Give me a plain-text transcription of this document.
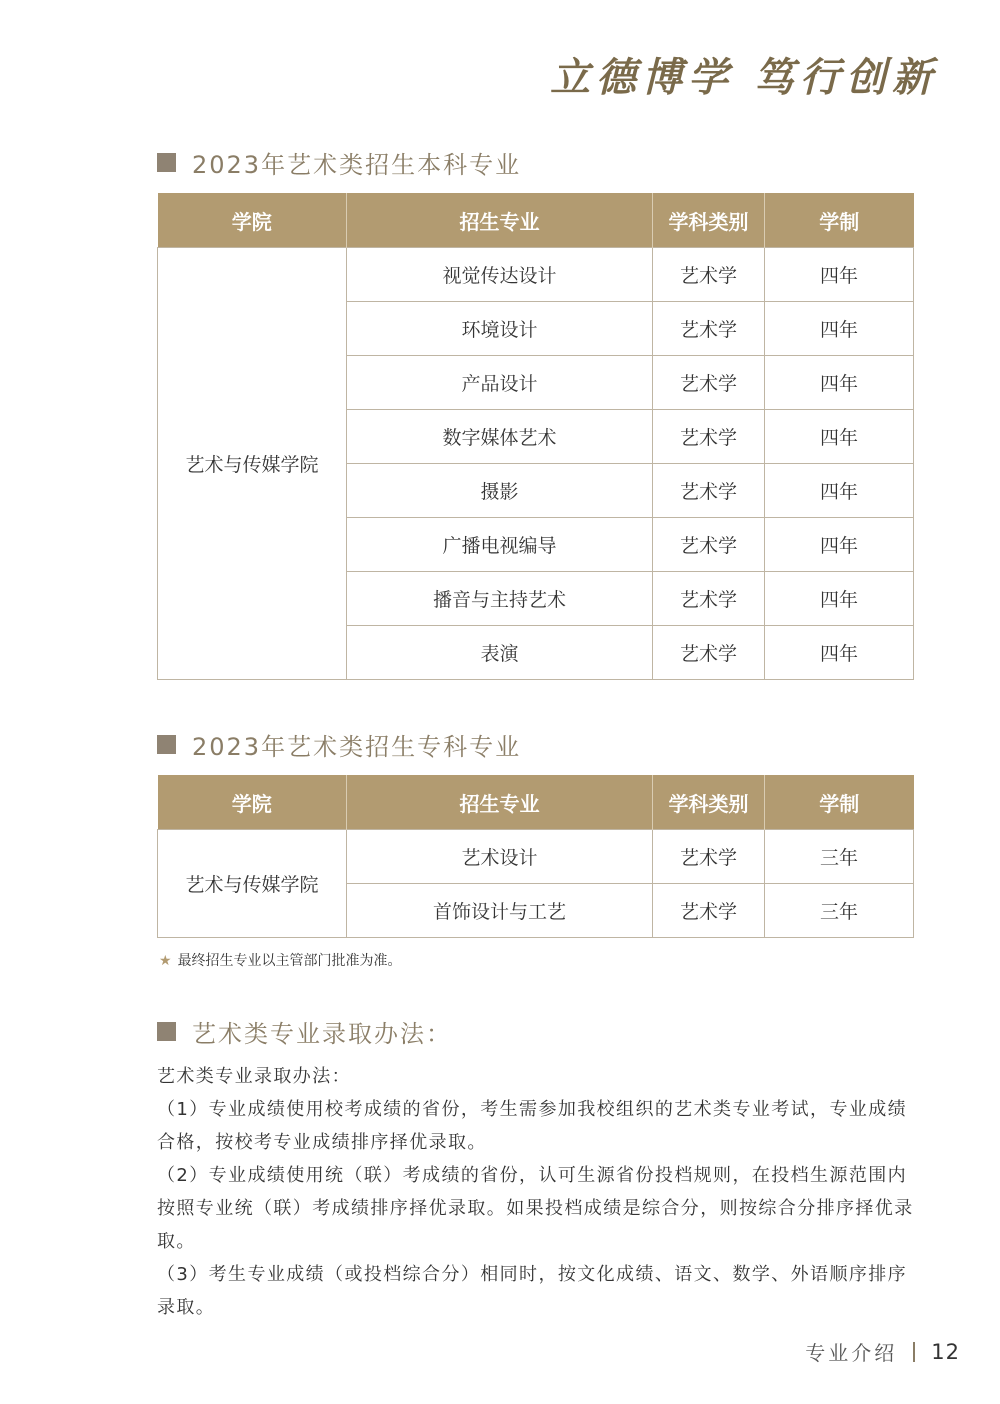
立德博学 笃行创新
2023年艺术类招生本科专业
学院	招生专业	学科类别	学制
艺术与传媒学院	视觉传达设计	艺术学	四年
	环境设计	艺术学	四年
	产品设计	艺术学	四年
	数字媒体艺术	艺术学	四年
	摄影	艺术学	四年
	广播电视编导	艺术学	四年
	播音与主持艺术	艺术学	四年
	表演	艺术学	四年
2023年艺术类招生专科专业
学院	招生专业	学科类别	学制
艺术与传媒学院	艺术设计	艺术学	三年
	首饰设计与工艺	艺术学	三年
★ 最终招生专业以主管部门批准为准。
艺术类专业录取办法：

艺术类专业录取办法：

（1）专业成绩使用校考成绩的省份，考生需参加我校组织的艺术类专业考试，专业成绩合格，按校考专业成绩排序择优录取。

（2）专业成绩使用统（联）考成绩的省份，认可生源省份投档规则，在投档生源范围内按照专业统（联）考成绩排序择优录取。如果投档成绩是综合分，则按综合分排序择优录取。

（3）考生专业成绩（或投档综合分）相同时，按文化成绩、语文、数学、外语顺序排序录取。

专业介绍 12
